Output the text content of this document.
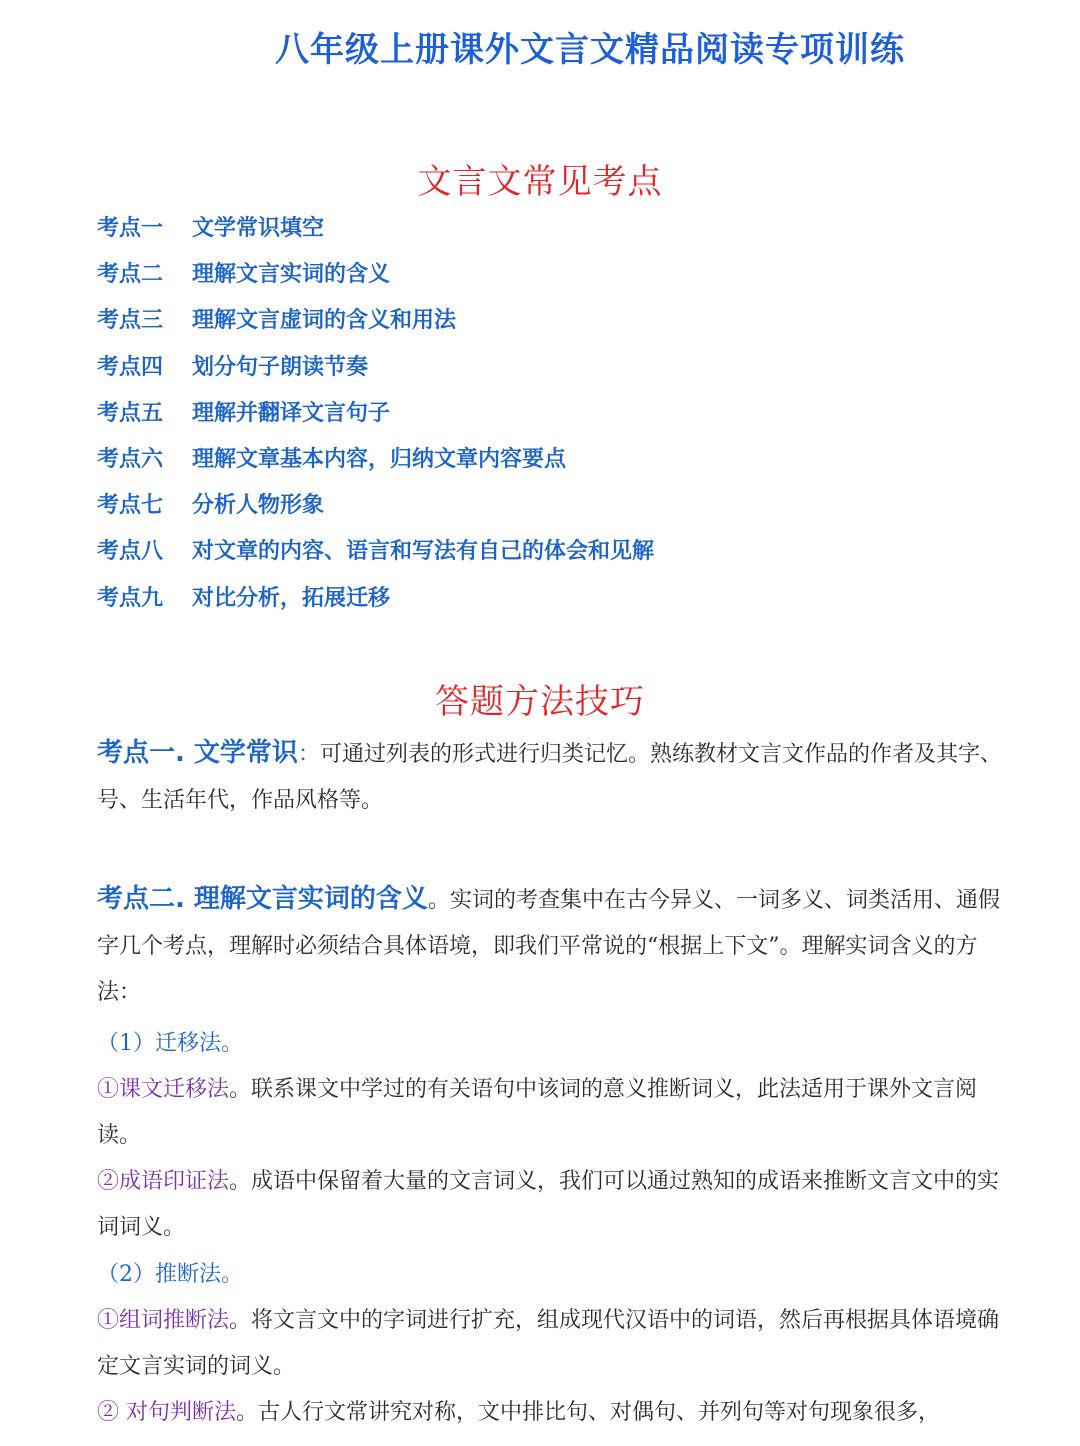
八年级上册课外文言文精品阅读专项训练
文言文常见考点
考点一 文学常识填空
考点二 理解文言实词的含义
考点三 理解文言虚词的含义和用法
考点四 划分句子朗读节奏
考点五 理解并翻译文言句子
考点六 理解文章基本内容，归纳文章内容要点
考点七 分析人物形象
考点八 对文章的内容、语言和写法有自己的体会和见解
考点九 对比分析，拓展迁移
答题方法技巧
考点一. 文学常识：可通过列表的形式进行归类记忆。熟练教材文言文作品的作者及其字、号、生活年代，作品风格等。
考点二. 理解文言实词的含义。实词的考查集中在古今异义、一词多义、词类活用、通假字几个考点，理解时必须结合具体语境，即我们平常说的“根据上下文”。理解实词含义的方法：
（1）迁移法。
①课文迁移法。联系课文中学过的有关语句中该词的意义推断词义，此法适用于课外文言阅读。
②成语印证法。成语中保留着大量的文言词义，我们可以通过熟知的成语来推断文言文中的实词词义。
（2）推断法。
①组词推断法。将文言文中的字词进行扩充，组成现代汉语中的词语，然后再根据具体语境确定文言实词的词义。
② 对句判断法。古人行文常讲究对称，文中排比句、对偶句、并列句等对句现象很多，
